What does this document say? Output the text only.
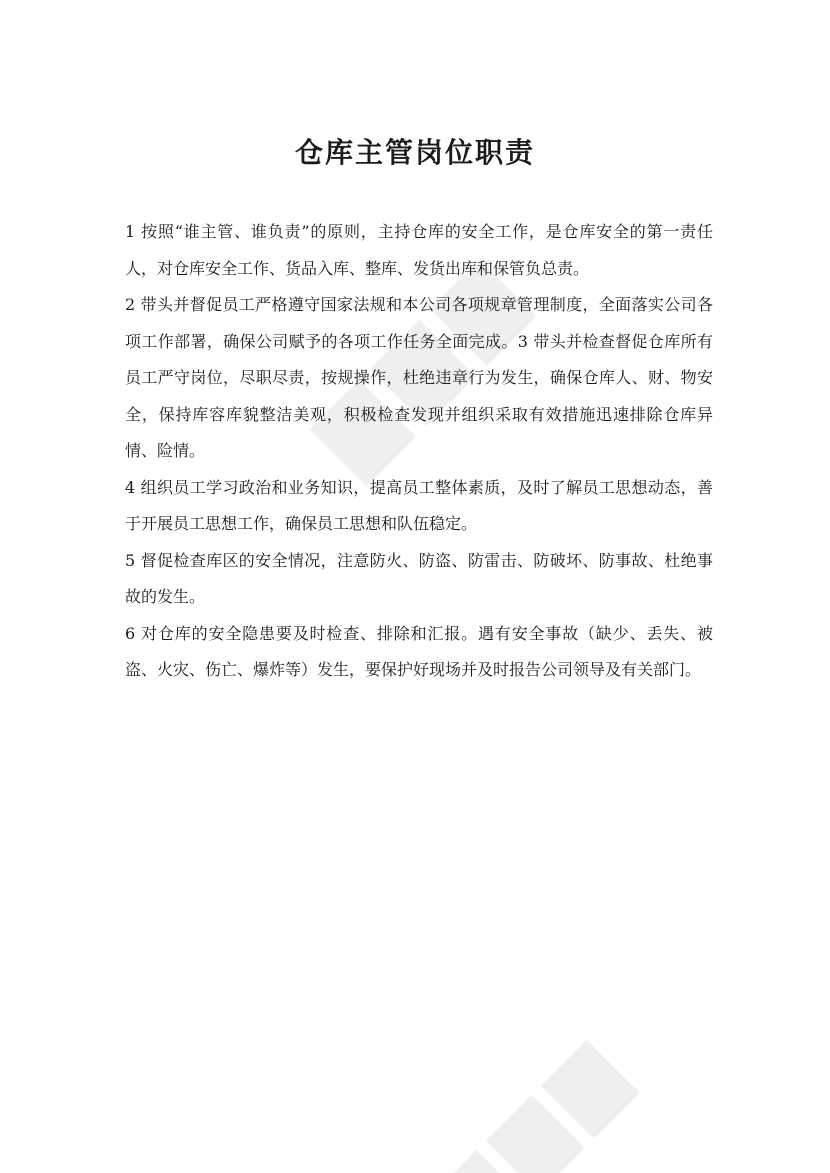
仓库主管岗位职责

1 按照“谁主管、谁负责”的原则，主持仓库的安全工作，是仓库安全的第一责任人，对仓库安全工作、货品入库、整库、发货出库和保管负总责。

2 带头并督促员工严格遵守国家法规和本公司各项规章管理制度，全面落实公司各项工作部署，确保公司赋予的各项工作任务全面完成。3 带头并检查督促仓库所有员工严守岗位，尽职尽责，按规操作，杜绝违章行为发生，确保仓库人、财、物安全，保持库容库貌整洁美观，积极检查发现并组织采取有效措施迅速排除仓库异情、险情。

4 组织员工学习政治和业务知识，提高员工整体素质，及时了解员工思想动态，善于开展员工思想工作，确保员工思想和队伍稳定。

5 督促检查库区的安全情况，注意防火、防盗、防雷击、防破坏、防事故、杜绝事故的发生。

6 对仓库的安全隐患要及时检查、排除和汇报。遇有安全事故（缺少、丢失、被盗、火灾、伤亡、爆炸等）发生，要保护好现场并及时报告公司领导及有关部门。
